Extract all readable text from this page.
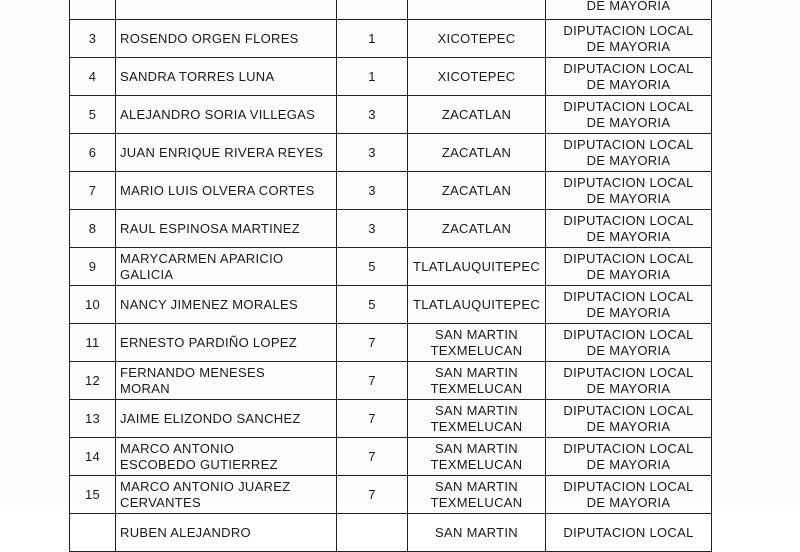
				DE MAYORIA

3	ROSENDO ORGEN FLORES	1	XICOTEPEC	DIPUTACION LOCAL
DE MAYORIA

4	SANDRA TORRES LUNA	1	XICOTEPEC	DIPUTACION LOCAL
DE MAYORIA

5	ALEJANDRO SORIA VILLEGAS	3	ZACATLAN	DIPUTACION LOCAL
DE MAYORIA

6	JUAN ENRIQUE RIVERA REYES	3	ZACATLAN	DIPUTACION LOCAL
DE MAYORIA

7	MARIO LUIS OLVERA CORTES	3	ZACATLAN	DIPUTACION LOCAL
DE MAYORIA

8	RAUL ESPINOSA MARTINEZ	3	ZACATLAN	DIPUTACION LOCAL
DE MAYORIA

9	MARYCARMEN APARICIO
GALICIA	5	TLATLAUQUITEPEC	DIPUTACION LOCAL
DE MAYORIA

10	NANCY JIMENEZ MORALES	5	TLATLAUQUITEPEC	DIPUTACION LOCAL
DE MAYORIA

11	ERNESTO PARDIÑO LOPEZ	7	SAN MARTIN
TEXMELUCAN	DIPUTACION LOCAL
DE MAYORIA

12	FERNANDO MENESES
MORAN	7	SAN MARTIN
TEXMELUCAN	DIPUTACION LOCAL
DE MAYORIA

13	JAIME ELIZONDO SANCHEZ	7	SAN MARTIN
TEXMELUCAN	DIPUTACION LOCAL
DE MAYORIA

14	MARCO ANTONIO
ESCOBEDO GUTIERREZ	7	SAN MARTIN
TEXMELUCAN	DIPUTACION LOCAL
DE MAYORIA

15	MARCO ANTONIO JUAREZ
CERVANTES	7	SAN MARTIN
TEXMELUCAN	DIPUTACION LOCAL
DE MAYORIA

	RUBEN ALEJANDRO		SAN MARTIN	DIPUTACION LOCAL
